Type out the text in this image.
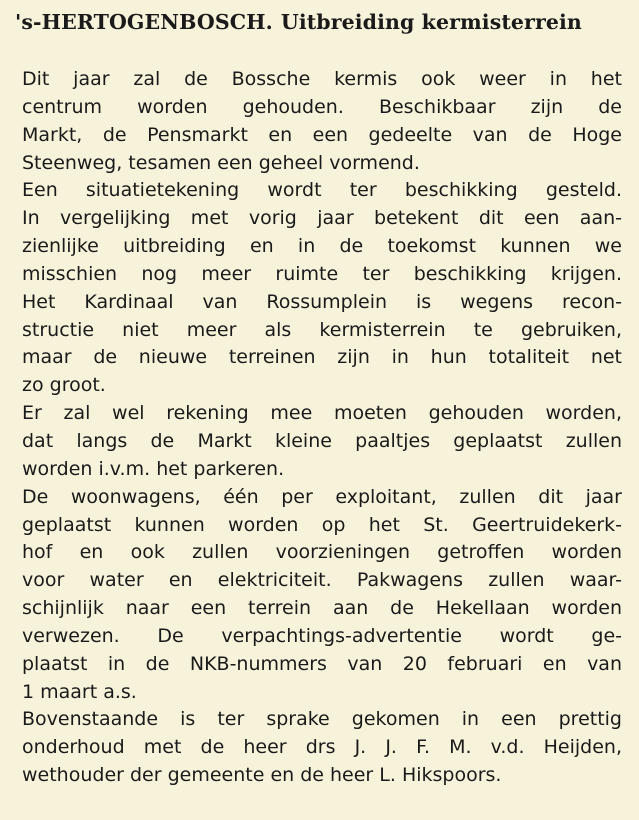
's-HERTOGENBOSCH. Uitbreiding kermisterrein
Dit jaar zal de Bossche kermis ook weer in het
centrum worden gehouden. Beschikbaar zijn de
Markt, de Pensmarkt en een gedeelte van de Hoge
Steenweg, tesamen een geheel vormend.
Een situatietekening wordt ter beschikking gesteld.
In vergelijking met vorig jaar betekent dit een aan-
zienlijke uitbreiding en in de toekomst kunnen we
misschien nog meer ruimte ter beschikking krijgen.
Het Kardinaal van Rossumplein is wegens recon-
structie niet meer als kermisterrein te gebruiken,
maar de nieuwe terreinen zijn in hun totaliteit net
zo groot.
Er zal wel rekening mee moeten gehouden worden,
dat langs de Markt kleine paaltjes geplaatst zullen
worden i.v.m. het parkeren.
De woonwagens, één per exploitant, zullen dit jaar
geplaatst kunnen worden op het St. Geertruidekerk-
hof en ook zullen voorzieningen getroffen worden
voor water en elektriciteit. Pakwagens zullen waar-
schijnlijk naar een terrein aan de Hekellaan worden
verwezen. De verpachtings-advertentie wordt ge-
plaatst in de NKB-nummers van 20 februari en van
1 maart a.s.
Bovenstaande is ter sprake gekomen in een prettig
onderhoud met de heer drs J. J. F. M. v.d. Heijden,
wethouder der gemeente en de heer L. Hikspoors.
